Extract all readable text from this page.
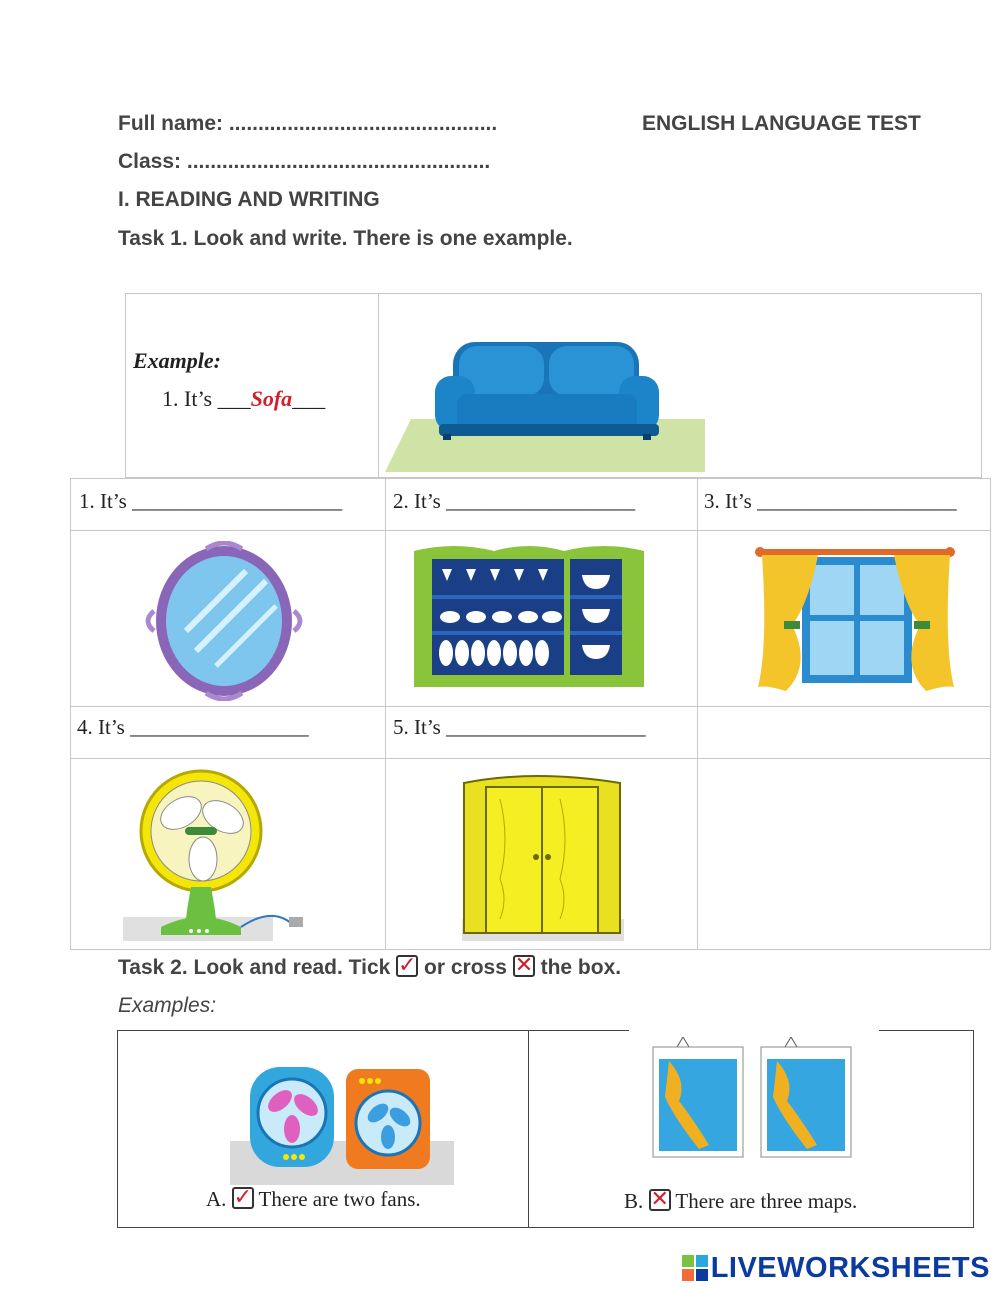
Full name: ..............................................	ENGLISH LANGUAGE TEST
Class: ....................................................
I. READING AND WRITING
Task 1. Look and write. There is one example.
Example:
1. It’s ___Sofa___
1. It’s ____________________ 2. It’s __________________	3. It’s ___________________
4. It’s _________________	5. It’s ___________________
Task 2. Look and read. Tick ✓ or cross ✕ the box.
Examples:
A. ✓ There are two fans.	B. ✕ There are three maps.
LIVEWORKSHEETS
